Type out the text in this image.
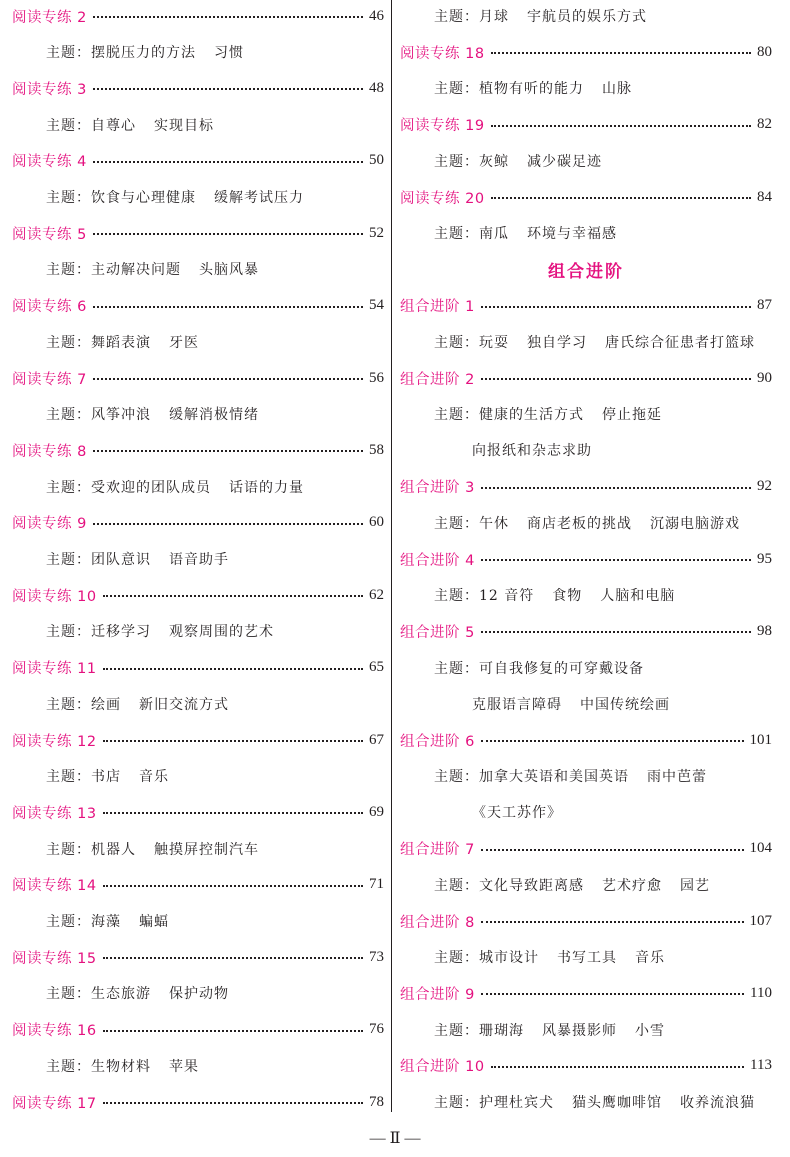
阅读专练 2	46
主题：摆脱压力的方法 习惯
阅读专练 3	48
主题：自尊心 实现目标
阅读专练 4	50
主题：饮食与心理健康 缓解考试压力
阅读专练 5	52
主题：主动解决问题 头脑风暴
阅读专练 6	54
主题：舞蹈表演 牙医
阅读专练 7	56
主题：风筝冲浪 缓解消极情绪
阅读专练 8	58
主题：受欢迎的团队成员 话语的力量
阅读专练 9	60
主题：团队意识 语音助手
阅读专练 10	62
主题：迁移学习 观察周围的艺术
阅读专练 11	65
主题：绘画 新旧交流方式
阅读专练 12	67
主题：书店 音乐
阅读专练 13	69
主题：机器人 触摸屏控制汽车
阅读专练 14	71
主题：海藻 蝙蝠
阅读专练 15	73
主题：生态旅游 保护动物
阅读专练 16	76
主题：生物材料 苹果
阅读专练 17	78
主题：月球 宇航员的娱乐方式
阅读专练 18	80
主题：植物有听的能力 山脉
阅读专练 19	82
主题：灰鲸 减少碳足迹
阅读专练 20	84
主题：南瓜 环境与幸福感
组合进阶
组合进阶 1	87
主题：玩耍 独自学习 唐氏综合征患者打篮球
组合进阶 2	90
主题：健康的生活方式 停止拖延
向报纸和杂志求助
组合进阶 3	92
主题：午休 商店老板的挑战 沉溺电脑游戏
组合进阶 4	95
主题：12 音符 食物 人脑和电脑
组合进阶 5	98
主题：可自我修复的可穿戴设备
克服语言障碍 中国传统绘画
组合进阶 6	101
主题：加拿大英语和美国英语 雨中芭蕾
《天工苏作》
组合进阶 7	104
主题：文化导致距离感 艺术疗愈 园艺
组合进阶 8	107
主题：城市设计 书写工具 音乐
组合进阶 9	110
主题：珊瑚海 风暴摄影师 小雪
组合进阶 10	113
主题：护理杜宾犬 猫头鹰咖啡馆 收养流浪猫
— Ⅱ —
